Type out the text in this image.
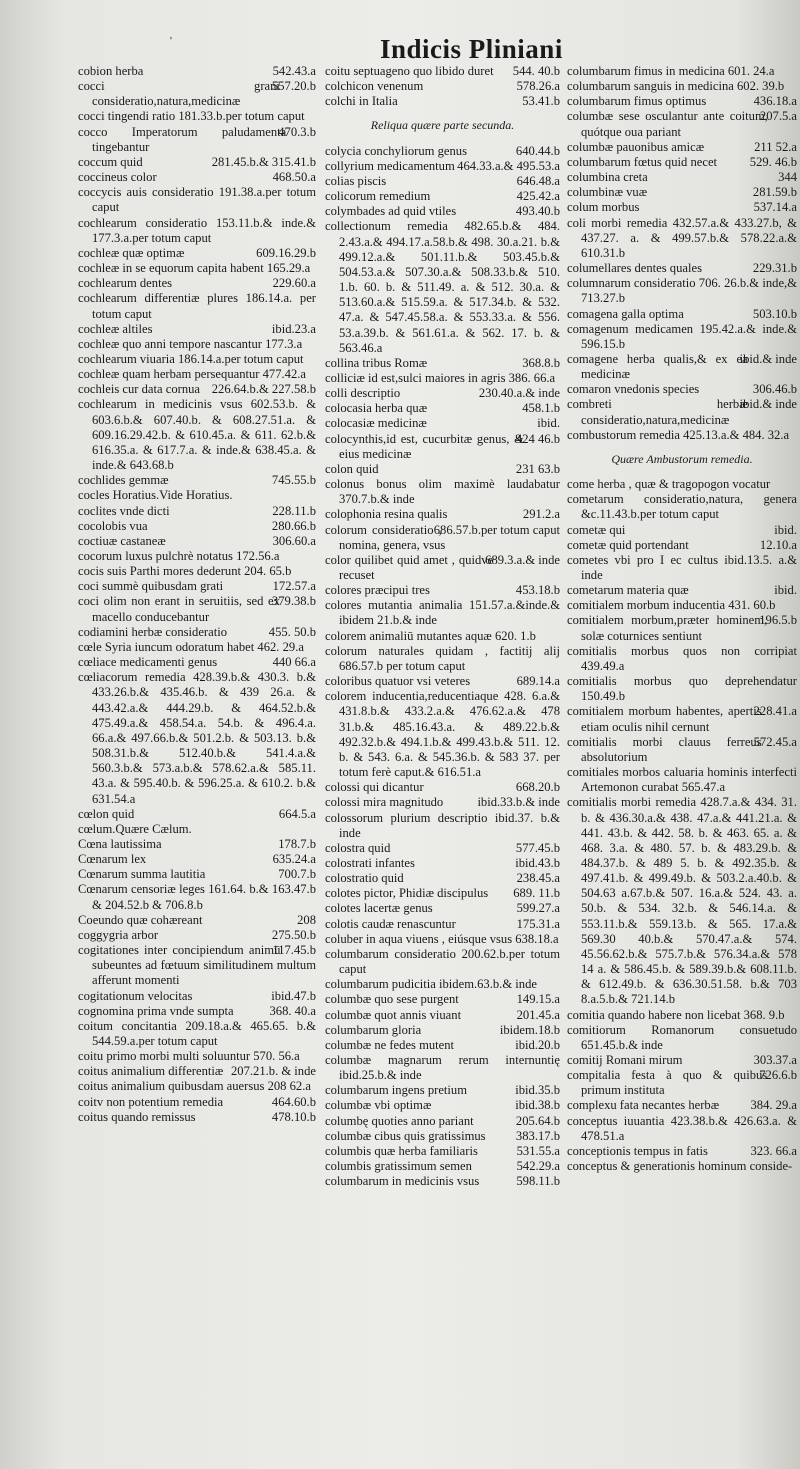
'	Indicis Pliniani
542.43.a
cobion herba
557.20.b
cocci grani consideratio,natura,medicinæ
cocci tingendi ratio 181.33.b.per totum caput
470.3.b
cocco Imperatorum paludamenta tingebantur
281.45.b.& 315.41.b
coccum quid
468.50.a
coccineus color
coccycis auis consideratio 191.38.a.per totum caput
cochlearum consideratio 153.11.b.& inde.& 177.3.a.per totum caput
609.16.29.b
cochleæ quæ optimæ
cochleæ in se equorum capita habent 165.29.a
229.60.a
cochlearum dentes
cochlearum differentiæ plures 186.14.a. per totum caput
ibid.23.a
cochleæ altiles
cochleæ quo anni tempore nascantur 177.3.a
cochlearum viuaria 186.14.a.per totum caput
cochleæ quam herbam persequantur 477.42.a
226.64.b.& 227.58.b
cochleis cur data cornua
cochlearum in medicinis vsus 602.53.b. & 603.6.b.& 607.40.b. & 608.27.51.a. & 609.16.29.42.b. & 610.45.a. & 611. 62.b.& 616.35.a. & 617.7.a. & inde.& 638.45.a. & inde.& 643.68.b
745.55.b
cochlides gemmæ
cocles Horatius.Vide Horatius.
228.11.b
coclites vnde dicti
280.66.b
cocolobis vua
306.60.a
coctiuæ castaneæ
cocorum luxus pulchrè notatus 172.56.a
cocis suis Parthi mores dederunt 204. 65.b
172.57.a
coci summè quibusdam grati
379.38.b
coci olim non erant in seruitiis, sed ex macello conducebantur
455. 50.b
codiamini herbæ consideratio
cœle Syria iuncum odoratum habet 462. 29.a
440 66.a
cœliace medicamenti genus
cœliacorum remedia 428.39.b.& 430.3. b.& 433.26.b.& 435.46.b. & 439 26.a. & 443.42.a.& 444.29.b. & 464.52.b.& 475.49.a.& 458.54.a. 54.b. & 496.4.a. 66.a.& 497.66.b.& 501.2.b. & 503.13. b.& 508.31.b.& 512.40.b.& 541.4.a.& 560.3.b.& 573.a.b.& 578.62.a.& 585.11. 43.a. & 595.40.b. & 596.25.a. & 610.2. b.& 631.54.a
664.5.a
cœlon quid
cœlum.Quære Cælum.
178.7.b
Cœna lautissima
635.24.a
Cœnarum lex
700.7.b
Cœnarum summa lautitia
Cœnarum censoriæ leges 161.64. b.& 163.47.b & 204.52.b & 706.8.b
208
Coeundo quæ cohæreant
275.50.b
coggygria arbor
117.45.b
cogitationes inter concipiendum animū subeuntes ad fœtuum similitudinem multum afferunt momenti
ibid.47.b
cogitationum velocitas
368. 40.a
cognomina prima vnde sumpta
coitum concitantia 209.18.a.& 465.65. b.& 544.59.a.per totum caput
coitu primo morbi multi soluuntur 570. 56.a
207.21.b. & inde
coitus animalium differentiæ
coitus animalium quibusdam auersus 208 62.a
464.60.b
coitv non potentium remedia
478.10.b
coitus quando remissus
544. 40.b
coitu septuageno quo libido duret
578.26.a
colchicon venenum
53.41.b
colchi in Italia
Reliqua quære parte secunda.
640.44.b
colycia conchyliorum genus
464.33.a.& 495.53.a
collyrium medicamentum
646.48.a
colias piscis
425.42.a
colicorum remedium
493.40.b
colymbades ad quid vtiles
collectionum remedia 482.65.b.& 484. 2.43.a.& 494.17.a.58.b.& 498. 30.a.21. b.& 499.12.a.& 501.11.b.& 503.45.b.& 504.53.a.& 507.30.a.& 508.33.b.& 510. 1.b. 60. b. & 511.49. a. & 512. 30.a. & 513.60.a.& 515.59.a. & 517.34.b. & 532. 47.a. & 547.45.58.a. & 553.33.a. & 556. 53.a.39.b. & 561.61.a. & 562. 17. b. & 563.46.a
368.8.b
collina tribus Romæ
colliciæ id est,sulci maiores in agris 386. 66.a
230.40.a.& inde
colli descriptio
458.1.b
colocasia herba quæ
ibid.
colocasiæ medicinæ
424 46.b
colocynthis,id est, cucurbitæ genus, & eius medicinæ
231 63.b
colon quid
colonus bonus olim maximè laudabatur 370.7.b.& inde
291.2.a
colophonia resina qualis
686.57.b.per totum caput
colorum consideratio , nomina, genera, vsus
689.3.a.& inde
color quilibet quid amet , quidve recuset
453.18.b
colores præcipui tres
colores mutantia animalia 151.57.a.&inde.& ibidem 21.b.& inde
colorem animaliū mutantes aquæ 620. 1.b
colorum naturales quidam , factitij alij 686.57.b per totum caput
689.14.a
coloribus quatuor vsi veteres
colorem inducentia,reducentiaque 428. 6.a.& 431.8.b.& 433.2.a.& 476.62.a.& 478 31.b.& 485.16.43.a. & 489.22.b.& 492.32.b.& 494.1.b.& 499.43.b.& 511. 12. b. & 543. 6.a. & 545.36.b. & 583 37. per totum ferè caput.& 616.51.a
668.20.b
colossi qui dicantur
ibid.33.b.& inde
colossi mira magnitudo
colossorum plurium descriptio ibid.37. b.& inde
577.45.b
colostra quid
ibid.43.b
colostrati infantes
238.45.a
colostratio quid
689. 11.b
colotes pictor, Phidiæ discipulus
599.27.a
colotes lacertæ genus
175.31.a
colotis caudæ renascuntur
coluber in aqua viuens , eiúsque vsus 638.18.a
columbarum consideratio 200.62.b.per totum caput
columbarum pudicitia ibidem.63.b.& inde
149.15.a
columbæ quo sese purgent
201.45.a
columbæ quot annis viuant
ibidem.18.b
columbarum gloria
ibid.20.b
columbæ ne fedes mutent
columbæ magnarum rerum internuntię ibid.25.b.& inde
ibid.35.b
columbarum ingens pretium
ibid.38.b
columbæ vbi optimæ
205.64.b
columbę quoties anno pariant
383.17.b
columbæ cibus quis gratissimus
531.55.a
columbis quæ herba familiaris
542.29.a
columbis gratissimum semen
598.11.b
columbarum in medicinis vsus
columbarum fimus in medicina 601. 24.a
columbarum sanguis in medicina 602. 39.b
436.18.a
columbarum fimus optimus
207.5.a
columbæ sese osculantur ante coitum, quótque oua pariant
211 52.a
columbæ pauonibus amicæ
529. 46.b
columbarum fœtus quid necet
344
columbina creta
281.59.b
columbinæ vuæ
537.14.a
colum morbus
coli morbi remedia 432.57.a.& 433.27.b, & 437.27. a. & 499.57.b.& 578.22.a.& 610.31.b
229.31.b
columellares dentes quales
columnarum consideratio 706. 26.b.& inde,& 713.27.b
503.10.b
comagena galla optima
comagenum medicamen 195.42.a.& inde.& 596.15.b
ibid.& inde
comagene herba qualis,& ex ea medicinæ
306.46.b
comaron vnedonis species
ibid.& inde
combreti herbæ consideratio,natura,medicinæ
combustorum remedia 425.13.a.& 484. 32.a
Quære Ambustorum remedia.
come herba , quæ & tragopogon vocatur
cometarum consideratio,natura, genera &c.11.43.b.per totum caput
ibid.
cometæ qui
12.10.a
cometæ quid portendant
cometes vbi pro I ec cultus ibid.13.5. a.& inde
ibid.
cometarum materia quæ
comitialem morbum inducentia 431. 60.b
196.5.b
comitialem morbum,præter hominem, solæ coturnices sentiunt
comitialis morbus quos non corripiat 439.49.a
comitialis morbus quo deprehendatur 150.49.b
228.41.a
comitialem morbum habentes, apertis etiam oculis nihil cernunt
572.45.a
comitialis morbi clauus ferreus absolutorium
comitiales morbos caluaria hominis interfecti Artemonon curabat 565.47.a
comitialis morbi remedia 428.7.a.& 434. 31. b. & 436.30.a.& 438. 47.a.& 441.21.a. & 441. 43.b. & 442. 58. b. & 463. 65. a. & 468. 3.a. & 480. 57. b. & 483.29.b. & 484.37.b. & 489 5. b. & 492.35.b. & 497.41.b. & 499.49.b. & 503.2.a.40.b. & 504.63 a.67.b.& 507. 16.a.& 524. 43. a. 50.b. & 534. 32.b. & 546.14.a. & 553.11.b.& 559.13.b. & 565. 17.a.& 569.30 40.b.& 570.47.a.& 574. 45.56.62.b.& 575.7.b.& 576.34.a.& 578 14 a. & 586.45.b. & 589.39.b.& 608.11.b. & 612.49.b. & 636.30.51.58. b.& 703 8.a.5.b.& 721.14.b
comitia quando habere non licebat 368. 9.b
comitiorum Romanorum consuetudo 651.45.b.& inde
303.37.a
comitij Romani mirum
726.6.b
compitalia festa à quo & quibus primum instituta
384. 29.a
complexu fata necantes herbæ
conceptus iuuantia 423.38.b.& 426.63.a. & 478.51.a
323. 66.a
conceptionis tempus in fatis
conceptus & generationis hominum conside-
